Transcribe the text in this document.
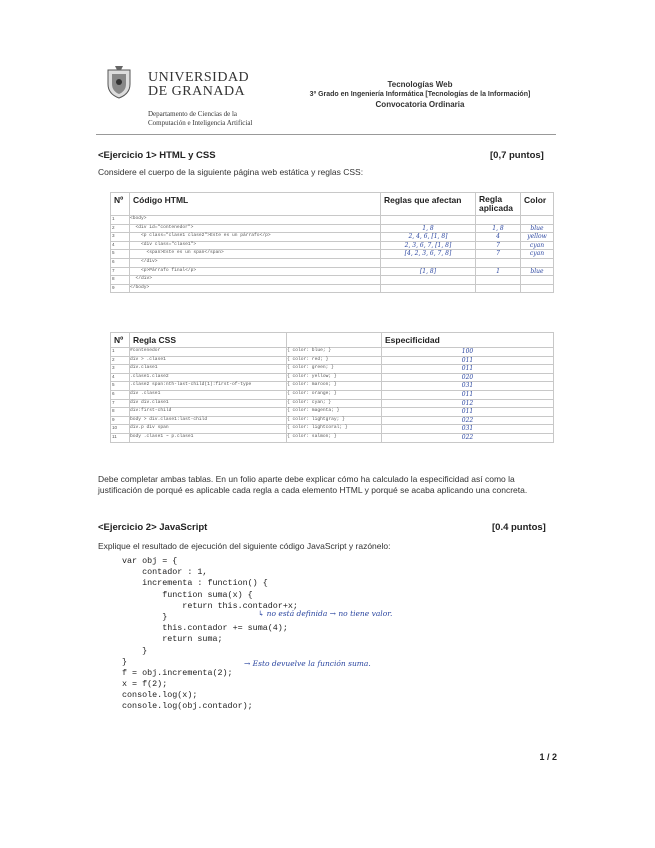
UNIVERSIDAD
DE GRANADA
Departamento de Ciencias de la
Computación e Inteligencia Artificial
Tecnologías Web
3º Grado en Ingeniería Informática [Tecnologías de la Información]
Convocatoria Ordinaria
<Ejercicio 1> HTML y CSS	[0,7 puntos]
Considere el cuerpo de la siguiente página web estática y reglas CSS:
Nº	Código HTML	Reglas que afectan	Regla aplicada	Color
1	<body>			
2	<div id="contenedor">	1, 8	1, 8	blue
3	<p class="clase1 clase2">Este es un párrafo</p>	2, 4, 6, [1, 8]	4	yellow
4	<div class="clase1">	2, 3, 6, 7, [1, 8]	7	cyan
5	<span>Este es un span</span>	[4, 2, 3, 6, 7, 8]	7	cyan
6	</div>			
7	<p>Párrafo final</p>	[1, 8]	1	blue
8	</div>			
9	</body>			
Nº	Regla CSS		Especificidad
1	#contenedor	{ color: blue; }	100
2	div > .clase1	{ color: red; }	011
3	div.clase1	{ color: green; }	011
4	.clase1.clase2	{ color: yellow; }	020
5	.clase2 span:nth-last-child(1):first-of-type	{ color: maroon; }	031
6	div .clase1	{ color: orange; }	011
7	div div.clase1	{ color: cyan; }	012
8	div:first-child	{ color: magenta; }	011
9	body > div.clase1:last-child	{ color: lightgray; }	022
10	div.p div span	{ color: lightcoral; }	031
11	body .clase1 ~ p.clase1	{ color: salmon; }	022
Debe completar ambas tablas. En un folio aparte debe explicar cómo ha calculado la especificidad así como la justificación de porqué es aplicable cada regla a cada elemento HTML y porqué se acaba aplicando una concreta.
<Ejercicio 2> JavaScript	[0.4 puntos]
Explique el resultado de ejecución del siguiente código JavaScript y razónelo:
var obj = {
contador : 1,
incrementa : function() {
function suma(x) {
return this.contador+x;
}
this.contador += suma(4);
return suma;
}
}
f = obj.incrementa(2);
x = f(2);
console.log(x);
console.log(obj.contador);
↳ no está definida → no tiene valor.
→ Esto devuelve la función suma.
1 / 2
